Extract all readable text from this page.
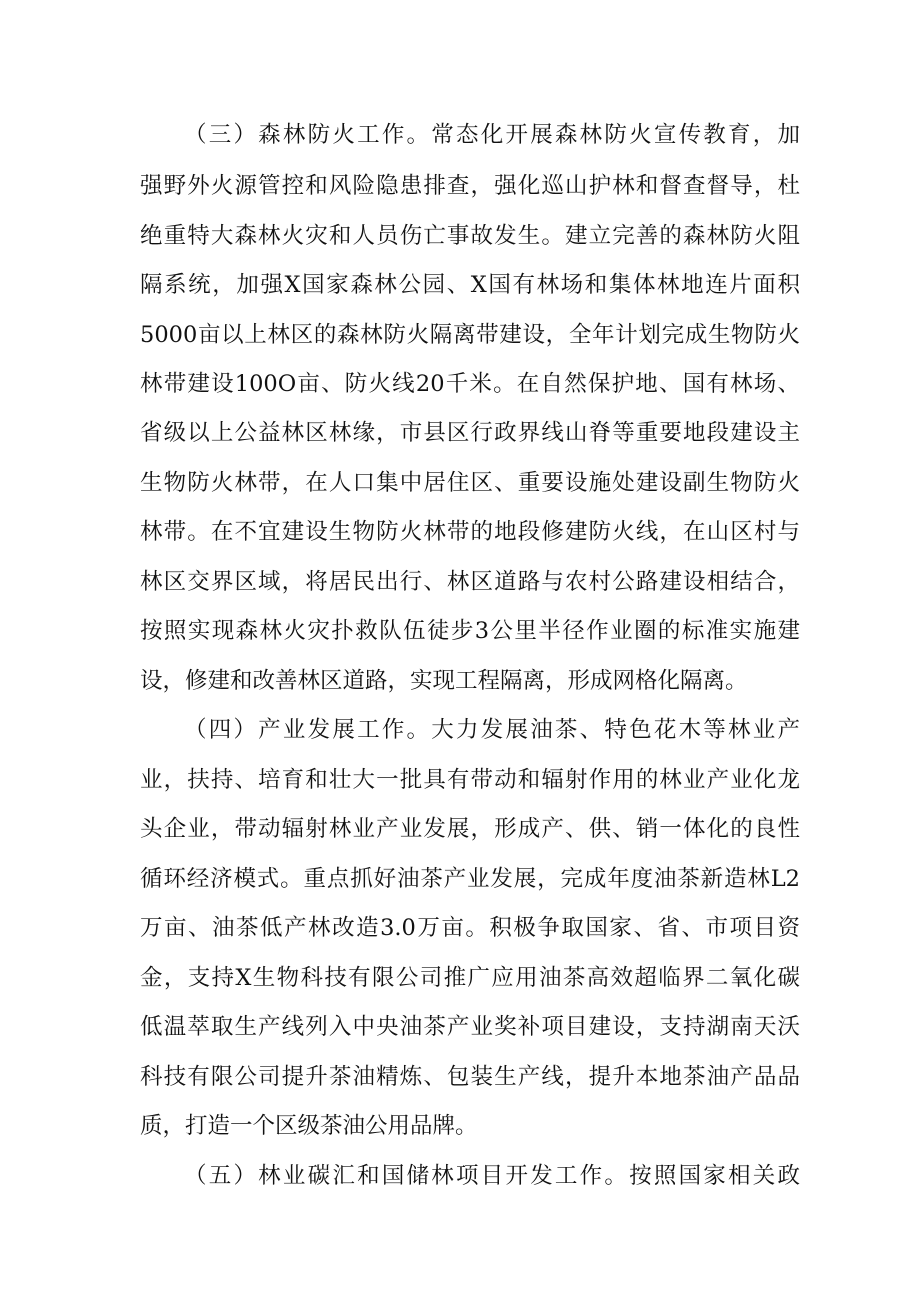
（三）森林防火工作。常态化开展森林防火宣传教育，加
强野外火源管控和风险隐患排查，强化巡山护林和督查督导，杜
绝重特大森林火灾和人员伤亡事故发生。建立完善的森林防火阻
隔系统，加强X国家森林公园、X国有林场和集体林地连片面积
5000亩以上林区的森林防火隔离带建设，全年计划完成生物防火
林带建设100O亩、防火线20千米。在自然保护地、国有林场、
省级以上公益林区林缘，市县区行政界线山脊等重要地段建设主
生物防火林带，在人口集中居住区、重要设施处建设副生物防火
林带。在不宜建设生物防火林带的地段修建防火线，在山区村与
林区交界区域，将居民出行、林区道路与农村公路建设相结合，
按照实现森林火灾扑救队伍徒步3公里半径作业圈的标准实施建
设，修建和改善林区道路，实现工程隔离，形成网格化隔离。
（四）产业发展工作。大力发展油茶、特色花木等林业产
业，扶持、培育和壮大一批具有带动和辐射作用的林业产业化龙
头企业，带动辐射林业产业发展，形成产、供、销一体化的良性
循环经济模式。重点抓好油茶产业发展，完成年度油茶新造林L2
万亩、油茶低产林改造3.0万亩。积极争取国家、省、市项目资
金，支持X生物科技有限公司推广应用油茶高效超临界二氧化碳
低温萃取生产线列入中央油茶产业奖补项目建设，支持湖南天沃
科技有限公司提升茶油精炼、包装生产线，提升本地茶油产品品
质，打造一个区级茶油公用品牌。
（五）林业碳汇和国储林项目开发工作。按照国家相关政
